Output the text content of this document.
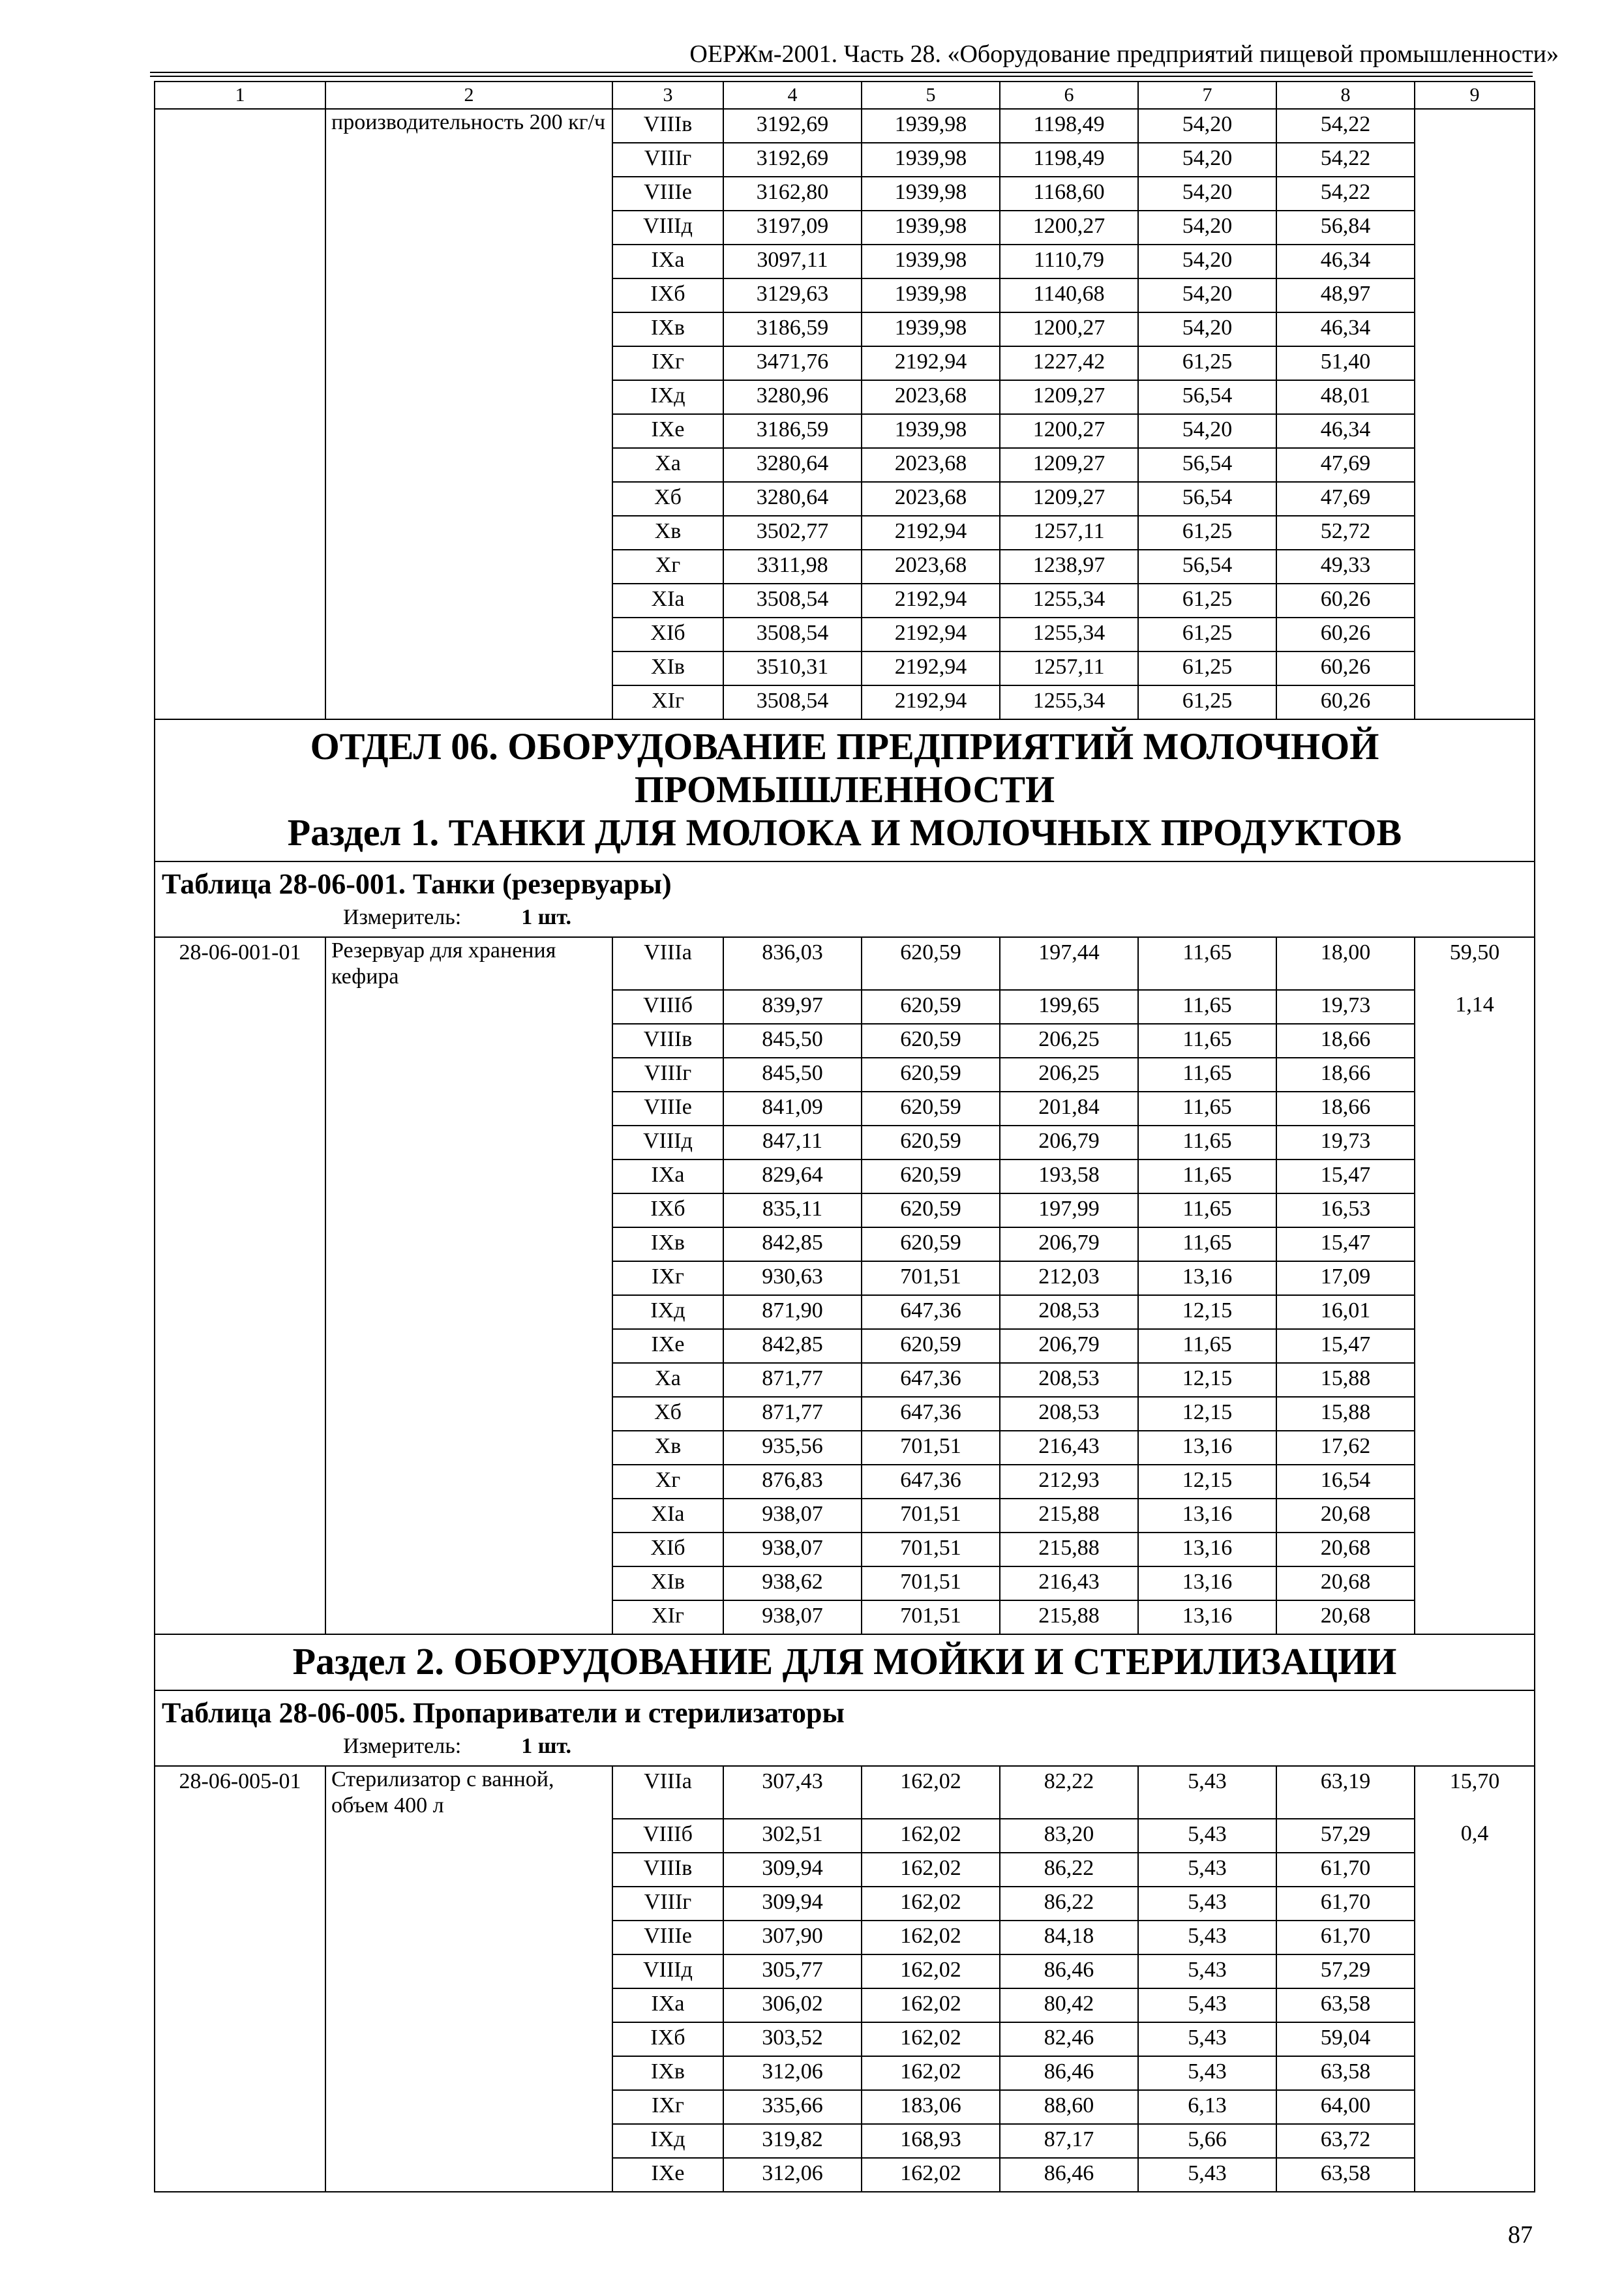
ОЕРЖм-2001. Часть 28. «Оборудование предприятий пищевой промышленности»
1	2	3	4	5	6	7	8	9
	производительность 200 кг/ч	VIIIв	3192,69	1939,98	1198,49	54,20	54,22	
		VIIIг	3192,69	1939,98	1198,49	54,20	54,22	
		VIIIе	3162,80	1939,98	1168,60	54,20	54,22	
		VIIIд	3197,09	1939,98	1200,27	54,20	56,84	
		IXа	3097,11	1939,98	1110,79	54,20	46,34	
		IXб	3129,63	1939,98	1140,68	54,20	48,97	
		IXв	3186,59	1939,98	1200,27	54,20	46,34	
		IXг	3471,76	2192,94	1227,42	61,25	51,40	
		IXд	3280,96	2023,68	1209,27	56,54	48,01	
		IXе	3186,59	1939,98	1200,27	54,20	46,34	
		Xа	3280,64	2023,68	1209,27	56,54	47,69	
		Xб	3280,64	2023,68	1209,27	56,54	47,69	
		Xв	3502,77	2192,94	1257,11	61,25	52,72	
		Xг	3311,98	2023,68	1238,97	56,54	49,33	
		XIа	3508,54	2192,94	1255,34	61,25	60,26	
		XIб	3508,54	2192,94	1255,34	61,25	60,26	
		XIв	3510,31	2192,94	1257,11	61,25	60,26	
		XIг	3508,54	2192,94	1255,34	61,25	60,26	

ОТДЕЛ 06. ОБОРУДОВАНИЕ ПРЕДПРИЯТИЙ МОЛОЧНОЙ
ПРОМЫШЛЕННОСТИ
Раздел 1. ТАНКИ ДЛЯ МОЛОКА И МОЛОЧНЫХ ПРОДУКТОВ								

Таблица 28-06-001. Танки (резервуары)								

Измеритель: 1 шт.								
28-06-001-01	Резервуар для хранения кефира	VIIIа	836,03	620,59	197,44	11,65	18,00	59,50
		VIIIб	839,97	620,59	199,65	11,65	19,73	1,14
		VIIIв	845,50	620,59	206,25	11,65	18,66	
		VIIIг	845,50	620,59	206,25	11,65	18,66	
		VIIIе	841,09	620,59	201,84	11,65	18,66	
		VIIIд	847,11	620,59	206,79	11,65	19,73	
		IXа	829,64	620,59	193,58	11,65	15,47	
		IXб	835,11	620,59	197,99	11,65	16,53	
		IXв	842,85	620,59	206,79	11,65	15,47	
		IXг	930,63	701,51	212,03	13,16	17,09	
		IXд	871,90	647,36	208,53	12,15	16,01	
		IXе	842,85	620,59	206,79	11,65	15,47	
		Xа	871,77	647,36	208,53	12,15	15,88	
		Xб	871,77	647,36	208,53	12,15	15,88	
		Xв	935,56	701,51	216,43	13,16	17,62	
		Xг	876,83	647,36	212,93	12,15	16,54	
		XIа	938,07	701,51	215,88	13,16	20,68	
		XIб	938,07	701,51	215,88	13,16	20,68	
		XIв	938,62	701,51	216,43	13,16	20,68	
		XIг	938,07	701,51	215,88	13,16	20,68	

Раздел 2. ОБОРУДОВАНИЕ ДЛЯ МОЙКИ И СТЕРИЛИЗАЦИИ								

Таблица 28-06-005. Пропариватели и стерилизаторы								

Измеритель: 1 шт.								
28-06-005-01	Стерилизатор с ванной, объем 400 л	VIIIа	307,43	162,02	82,22	5,43	63,19	15,70
		VIIIб	302,51	162,02	83,20	5,43	57,29	0,4
		VIIIв	309,94	162,02	86,22	5,43	61,70	
		VIIIг	309,94	162,02	86,22	5,43	61,70	
		VIIIе	307,90	162,02	84,18	5,43	61,70	
		VIIIд	305,77	162,02	86,46	5,43	57,29	
		IXа	306,02	162,02	80,42	5,43	63,58	
		IXб	303,52	162,02	82,46	5,43	59,04	
		IXв	312,06	162,02	86,46	5,43	63,58	
		IXг	335,66	183,06	88,60	6,13	64,00	
		IXд	319,82	168,93	87,17	5,66	63,72	
		IXе	312,06	162,02	86,46	5,43	63,58	
87
